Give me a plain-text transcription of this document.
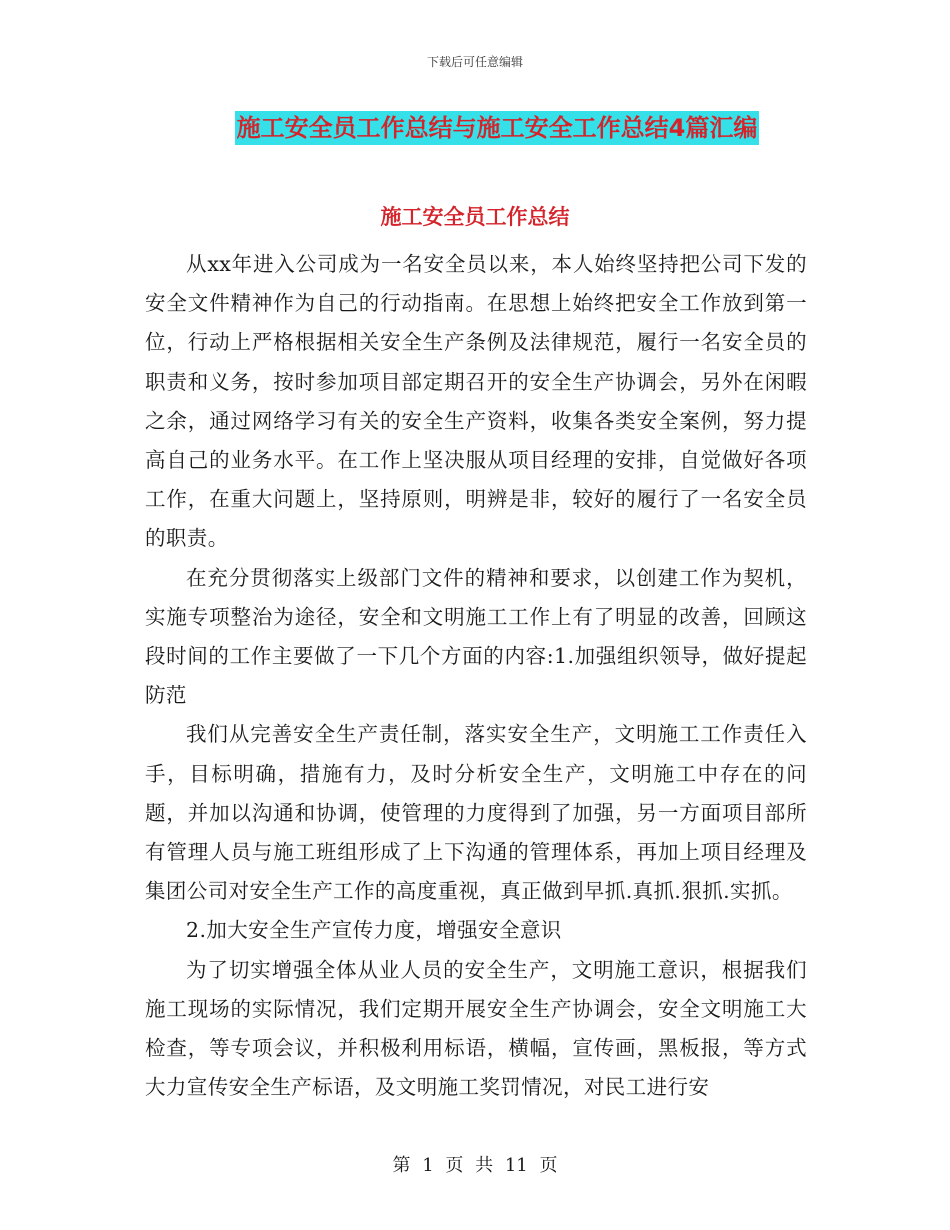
下载后可任意编辑
施工安全员工作总结与施工安全工作总结4篇汇编
施工安全员工作总结

从xx年进入公司成为一名安全员以来，本人始终坚持把公司下发的安全文件精神作为自己的行动指南。在思想上始终把安全工作放到第一位，行动上严格根据相关安全生产条例及法律规范，履行一名安全员的职责和义务，按时参加项目部定期召开的安全生产协调会，另外在闲暇之余，通过网络学习有关的安全生产资料，收集各类安全案例，努力提高自己的业务水平。在工作上坚决服从项目经理的安排，自觉做好各项工作，在重大问题上，坚持原则，明辨是非，较好的履行了一名安全员的职责。

在充分贯彻落实上级部门文件的精神和要求，以创建工作为契机，实施专项整治为途径，安全和文明施工工作上有了明显的改善，回顾这段时间的工作主要做了一下几个方面的内容:1.加强组织领导，做好提起防范

我们从完善安全生产责任制，落实安全生产，文明施工工作责任入手，目标明确，措施有力，及时分析安全生产，文明施工中存在的问题，并加以沟通和协调，使管理的力度得到了加强，另一方面项目部所有管理人员与施工班组形成了上下沟通的管理体系，再加上项目经理及集团公司对安全生产工作的高度重视，真正做到早抓.真抓.狠抓.实抓。

2.加大安全生产宣传力度，增强安全意识

为了切实增强全体从业人员的安全生产，文明施工意识，根据我们施工现场的实际情况，我们定期开展安全生产协调会，安全文明施工大检查，等专项会议，并积极利用标语，横幅，宣传画，黑板报，等方式大力宣传安全生产标语，及文明施工奖罚情况，对民工进行安

第 1 页 共 11 页
